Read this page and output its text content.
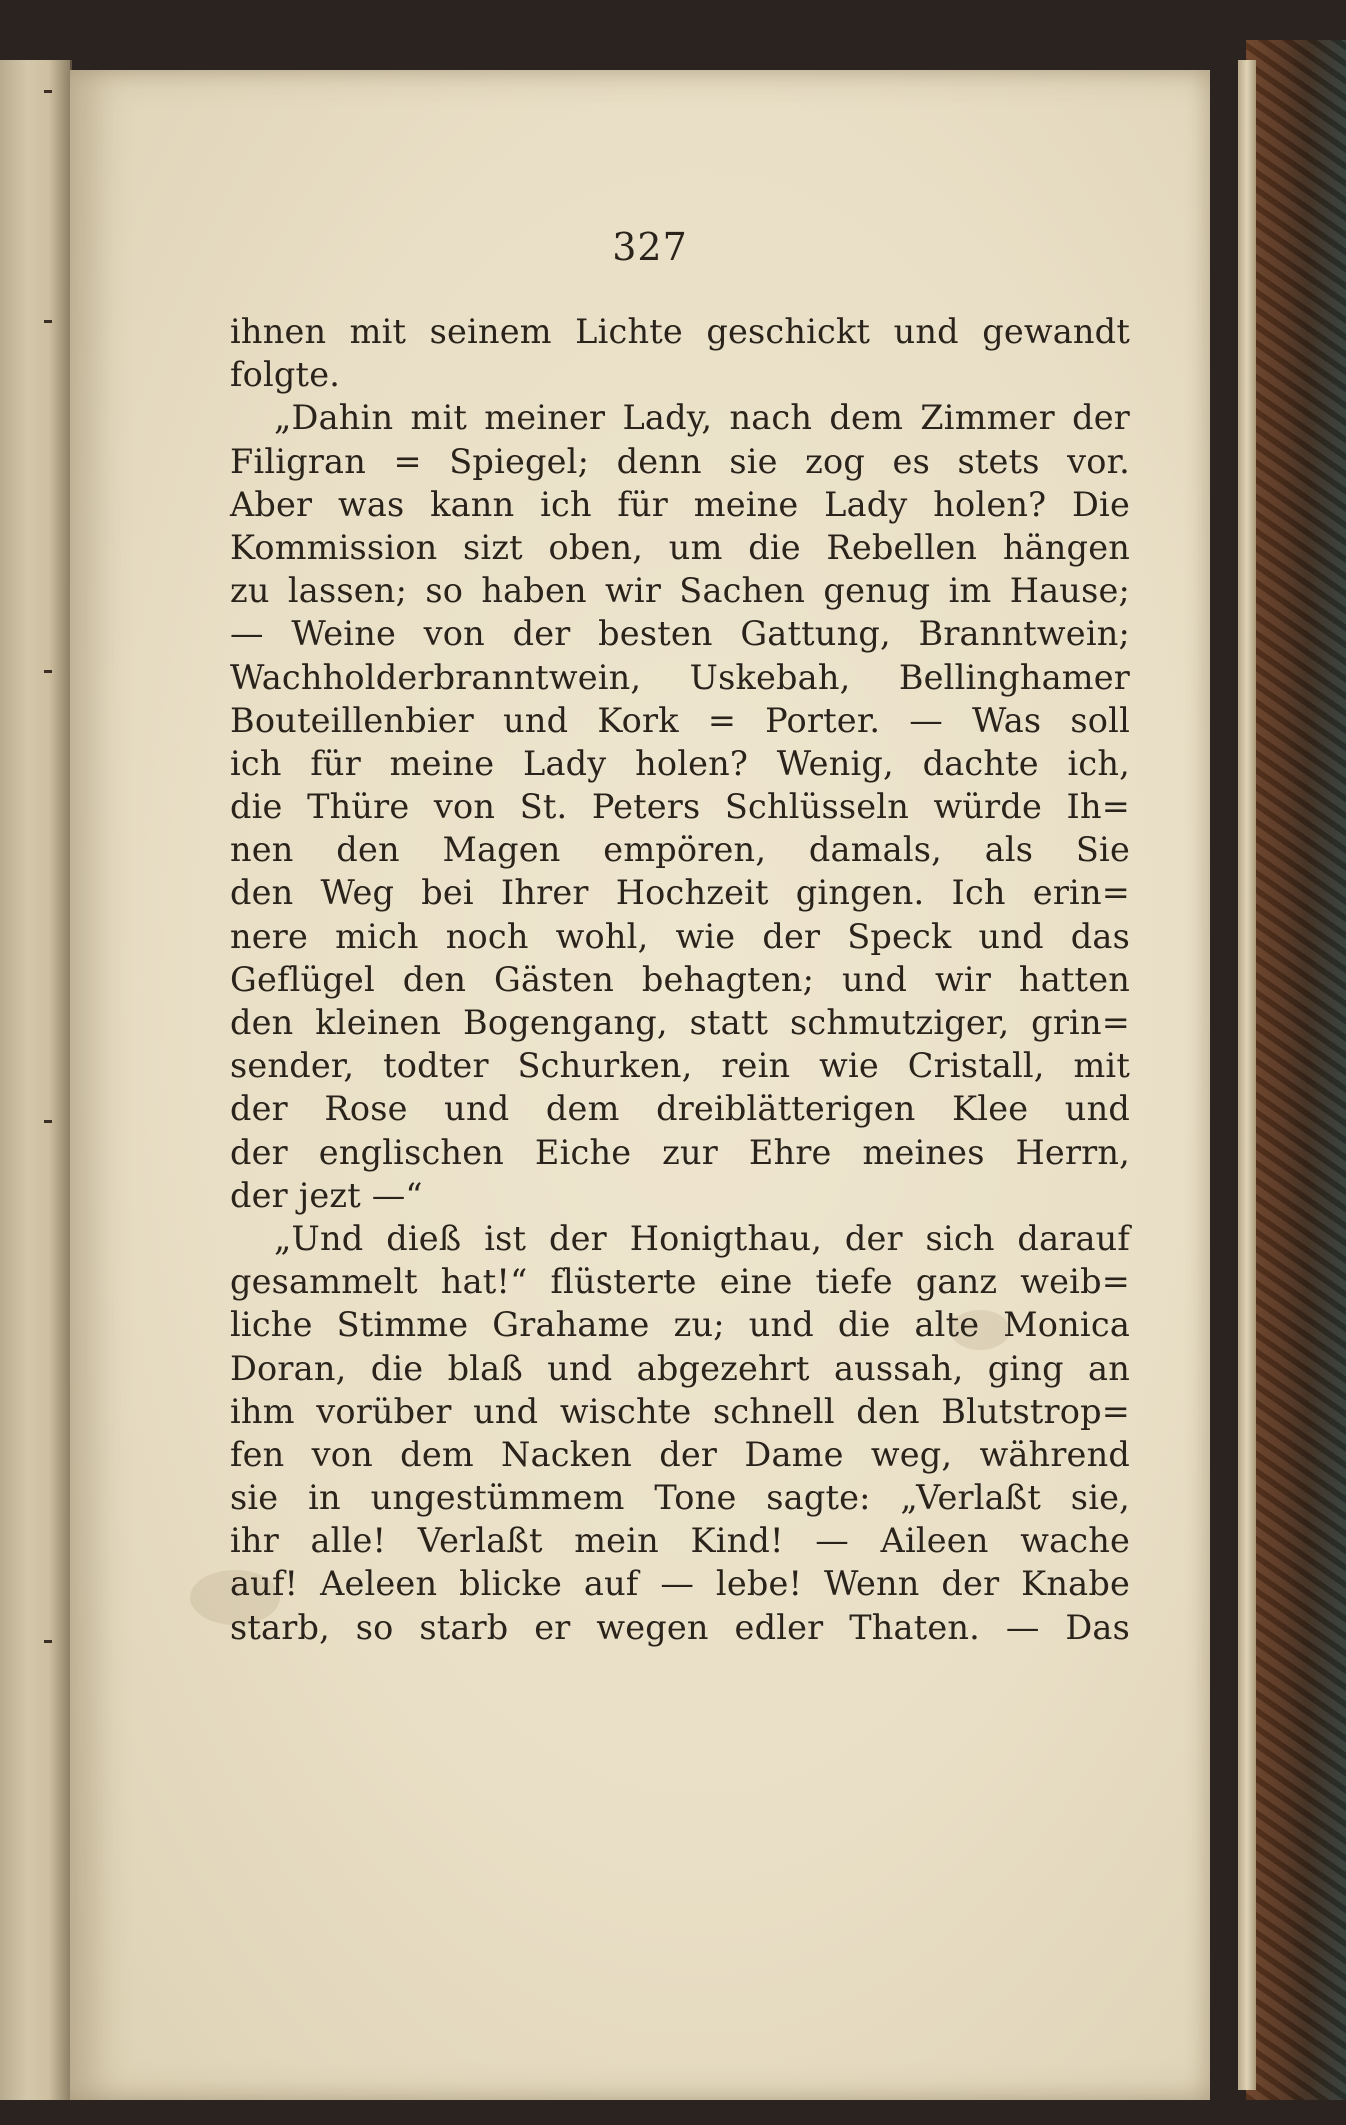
327
ihnen mit seinem Lichte geschickt und gewandt
folgte.
„Dahin mit meiner Lady, nach dem Zimmer der
Filigran = Spiegel; denn sie zog es stets vor.
Aber was kann ich für meine Lady holen? Die
Kommission sizt oben, um die Rebellen hängen
zu lassen; so haben wir Sachen genug im Hause;
— Weine von der besten Gattung, Branntwein;
Wachholderbranntwein, Uskebah, Bellinghamer
Bouteillenbier und Kork = Porter. — Was soll
ich für meine Lady holen? Wenig, dachte ich,
die Thüre von St. Peters Schlüsseln würde Ih=
nen den Magen empören, damals, als Sie
den Weg bei Ihrer Hochzeit gingen. Ich erin=
nere mich noch wohl, wie der Speck und das
Geflügel den Gästen behagten; und wir hatten
den kleinen Bogengang, statt schmutziger, grin=
sender, todter Schurken, rein wie Cristall, mit
der Rose und dem dreiblätterigen Klee und
der englischen Eiche zur Ehre meines Herrn,
der jezt —“
„Und dieß ist der Honigthau, der sich darauf
gesammelt hat!“ flüsterte eine tiefe ganz weib=
liche Stimme Grahame zu; und die alte Monica
Doran, die blaß und abgezehrt aussah, ging an
ihm vorüber und wischte schnell den Blutstrop=
fen von dem Nacken der Dame weg, während
sie in ungestümmem Tone sagte: „Verlaßt sie,
ihr alle! Verlaßt mein Kind! — Aileen wache
auf! Aeleen blicke auf — lebe! Wenn der Knabe
starb, so starb er wegen edler Thaten. — Das
